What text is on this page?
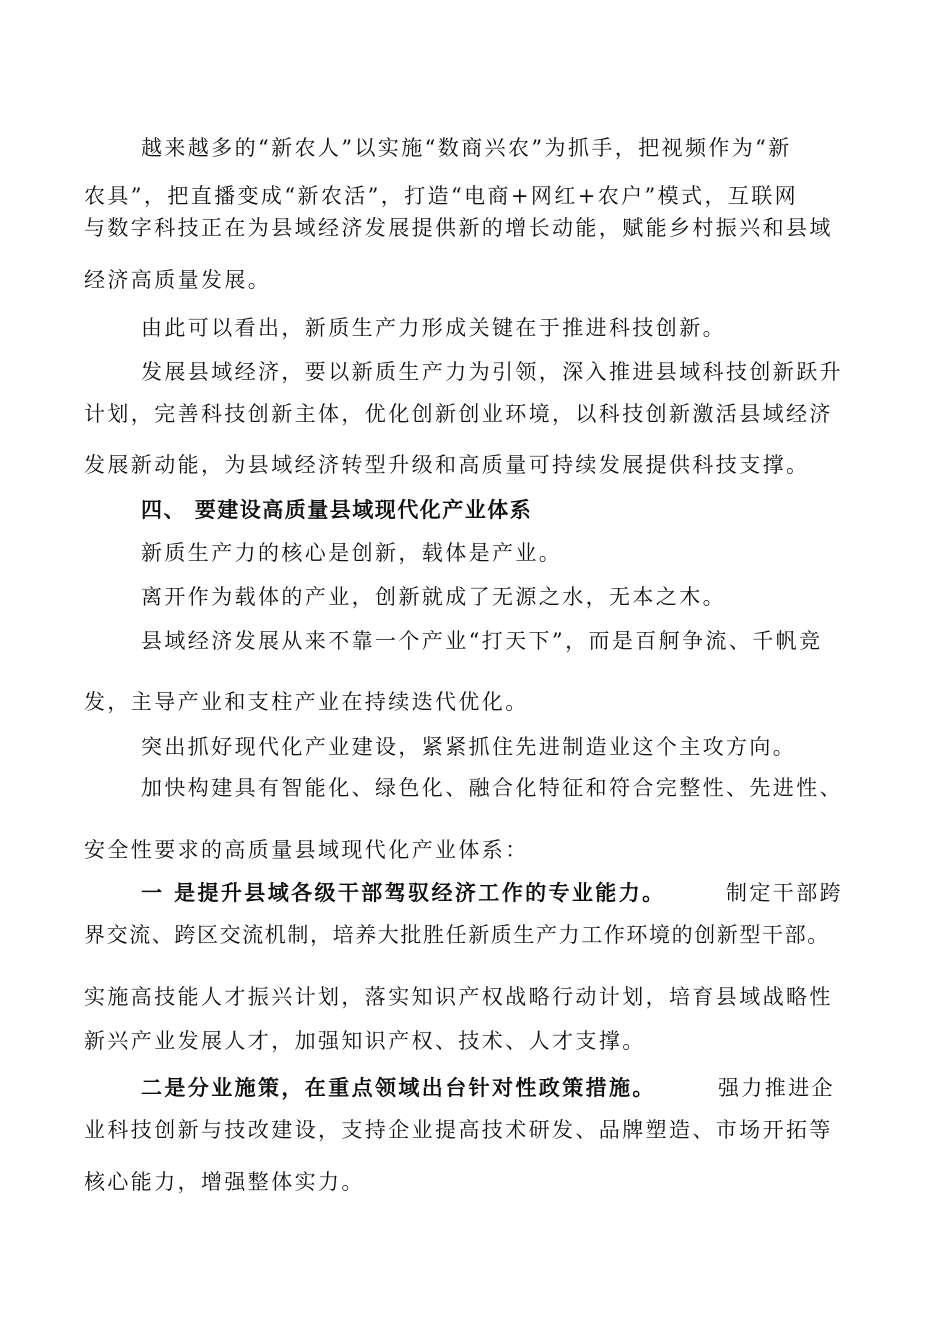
越来越多的“新农人”以实施“数商兴农”为抓手，把视频作为“新
农具”，把直播变成“新农活”，打造“电商+网红+农户”模式，互联网
与数字科技正在为县域经济发展提供新的增长动能，赋能乡村振兴和县域
经济高质量发展。
由此可以看出，新质生产力形成关键在于推进科技创新。
发展县域经济，要以新质生产力为引领，深入推进县域科技创新跃升
计划，完善科技创新主体，优化创新创业环境，以科技创新激活县域经济
发展新动能，为县域经济转型升级和高质量可持续发展提供科技支撑。
四、 要建设高质量县域现代化产业体系
新质生产力的核心是创新，载体是产业。
离开作为载体的产业，创新就成了无源之水，无本之木。
县域经济发展从来不靠一个产业“打天下”，而是百舸争流、千帆竞
发，主导产业和支柱产业在持续迭代优化。
突出抓好现代化产业建设，紧紧抓住先进制造业这个主攻方向。
加快构建具有智能化、绿色化、融合化特征和符合完整性、先进性、
安全性要求的高质量县域现代化产业体系：
一 是提升县域各级干部驾驭经济工作的专业能力。	制定干部跨
界交流、跨区交流机制，培养大批胜任新质生产力工作环境的创新型干部。
实施高技能人才振兴计划，落实知识产权战略行动计划，培育县域战略性
新兴产业发展人才，加强知识产权、技术、人才支撑。
二是分业施策，在重点领域出台针对性政策措施。	强力推进企
业科技创新与技改建设，支持企业提高技术研发、品牌塑造、市场开拓等
核心能力，增强整体实力。
